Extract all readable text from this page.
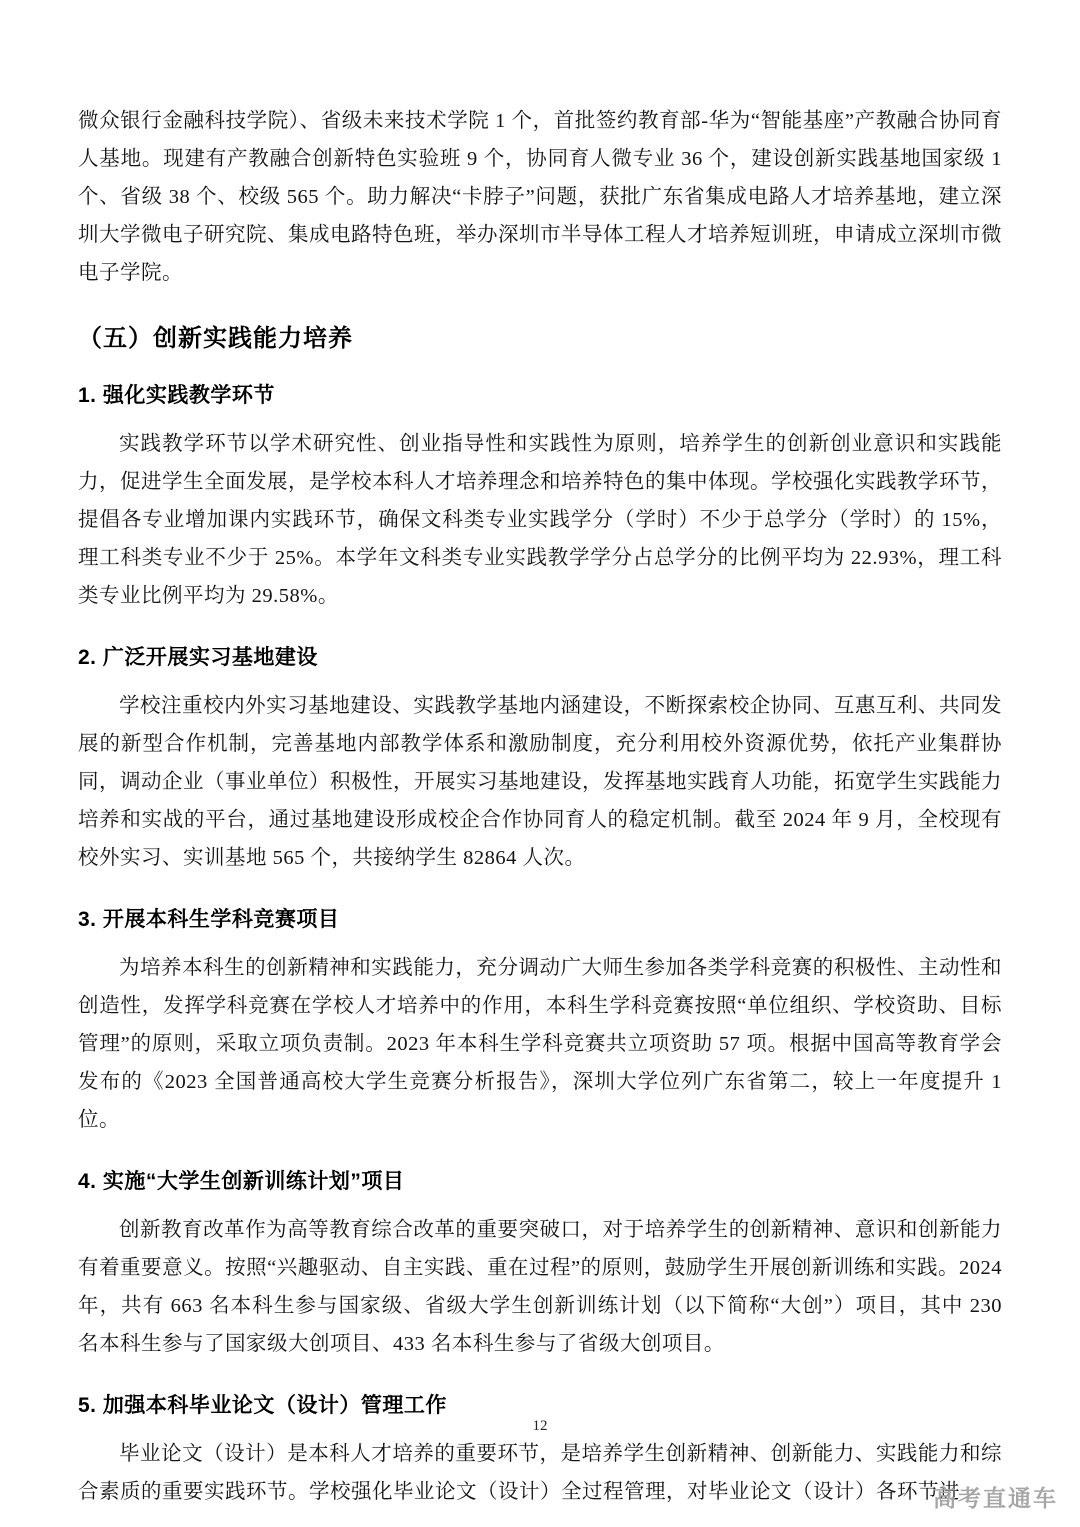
微众银行金融科技学院）、省级未来技术学院 1 个，首批签约教育部-华为“智能基座”产教融合协同育人基地。现建有产教融合创新特色实验班 9 个，协同育人微专业 36 个，建设创新实践基地国家级 1 个、省级 38 个、校级 565 个。助力解决“卡脖子”问题，获批广东省集成电路人才培养基地，建立深圳大学微电子研究院、集成电路特色班，举办深圳市半导体工程人才培养短训班，申请成立深圳市微电子学院。

（五）创新实践能力培养
1. 强化实践教学环节

实践教学环节以学术研究性、创业指导性和实践性为原则，培养学生的创新创业意识和实践能力，促进学生全面发展，是学校本科人才培养理念和培养特色的集中体现。学校强化实践教学环节，提倡各专业增加课内实践环节，确保文科类专业实践学分（学时）不少于总学分（学时）的 15%，理工科类专业不少于 25%。本学年文科类专业实践教学学分占总学分的比例平均为 22.93%，理工科类专业比例平均为 29.58%。

2. 广泛开展实习基地建设

学校注重校内外实习基地建设、实践教学基地内涵建设，不断探索校企协同、互惠互利、共同发展的新型合作机制，完善基地内部教学体系和激励制度，充分利用校外资源优势，依托产业集群协同，调动企业（事业单位）积极性，开展实习基地建设，发挥基地实践育人功能，拓宽学生实践能力培养和实战的平台，通过基地建设形成校企合作协同育人的稳定机制。截至 2024 年 9 月，全校现有校外实习、实训基地 565 个，共接纳学生 82864 人次。

3. 开展本科生学科竞赛项目

为培养本科生的创新精神和实践能力，充分调动广大师生参加各类学科竞赛的积极性、主动性和创造性，发挥学科竞赛在学校人才培养中的作用，本科生学科竞赛按照“单位组织、学校资助、目标管理”的原则，采取立项负责制。2023 年本科生学科竞赛共立项资助 57 项。根据中国高等教育学会发布的《2023 全国普通高校大学生竞赛分析报告》，深圳大学位列广东省第二，较上一年度提升 1 位。

4. 实施“大学生创新训练计划”项目

创新教育改革作为高等教育综合改革的重要突破口，对于培养学生的创新精神、意识和创新能力有着重要意义。按照“兴趣驱动、自主实践、重在过程”的原则，鼓励学生开展创新训练和实践。2024 年，共有 663 名本科生参与国家级、省级大学生创新训练计划（以下简称“大创”）项目，其中 230 名本科生参与了国家级大创项目、433 名本科生参与了省级大创项目。

5. 加强本科毕业论文（设计）管理工作

毕业论文（设计）是本科人才培养的重要环节，是培养学生创新精神、创新能力、实践能力和综合素质的重要实践环节。学校强化毕业论文（设计）全过程管理，对毕业论文（设计）各环节进

12
高考直通车
